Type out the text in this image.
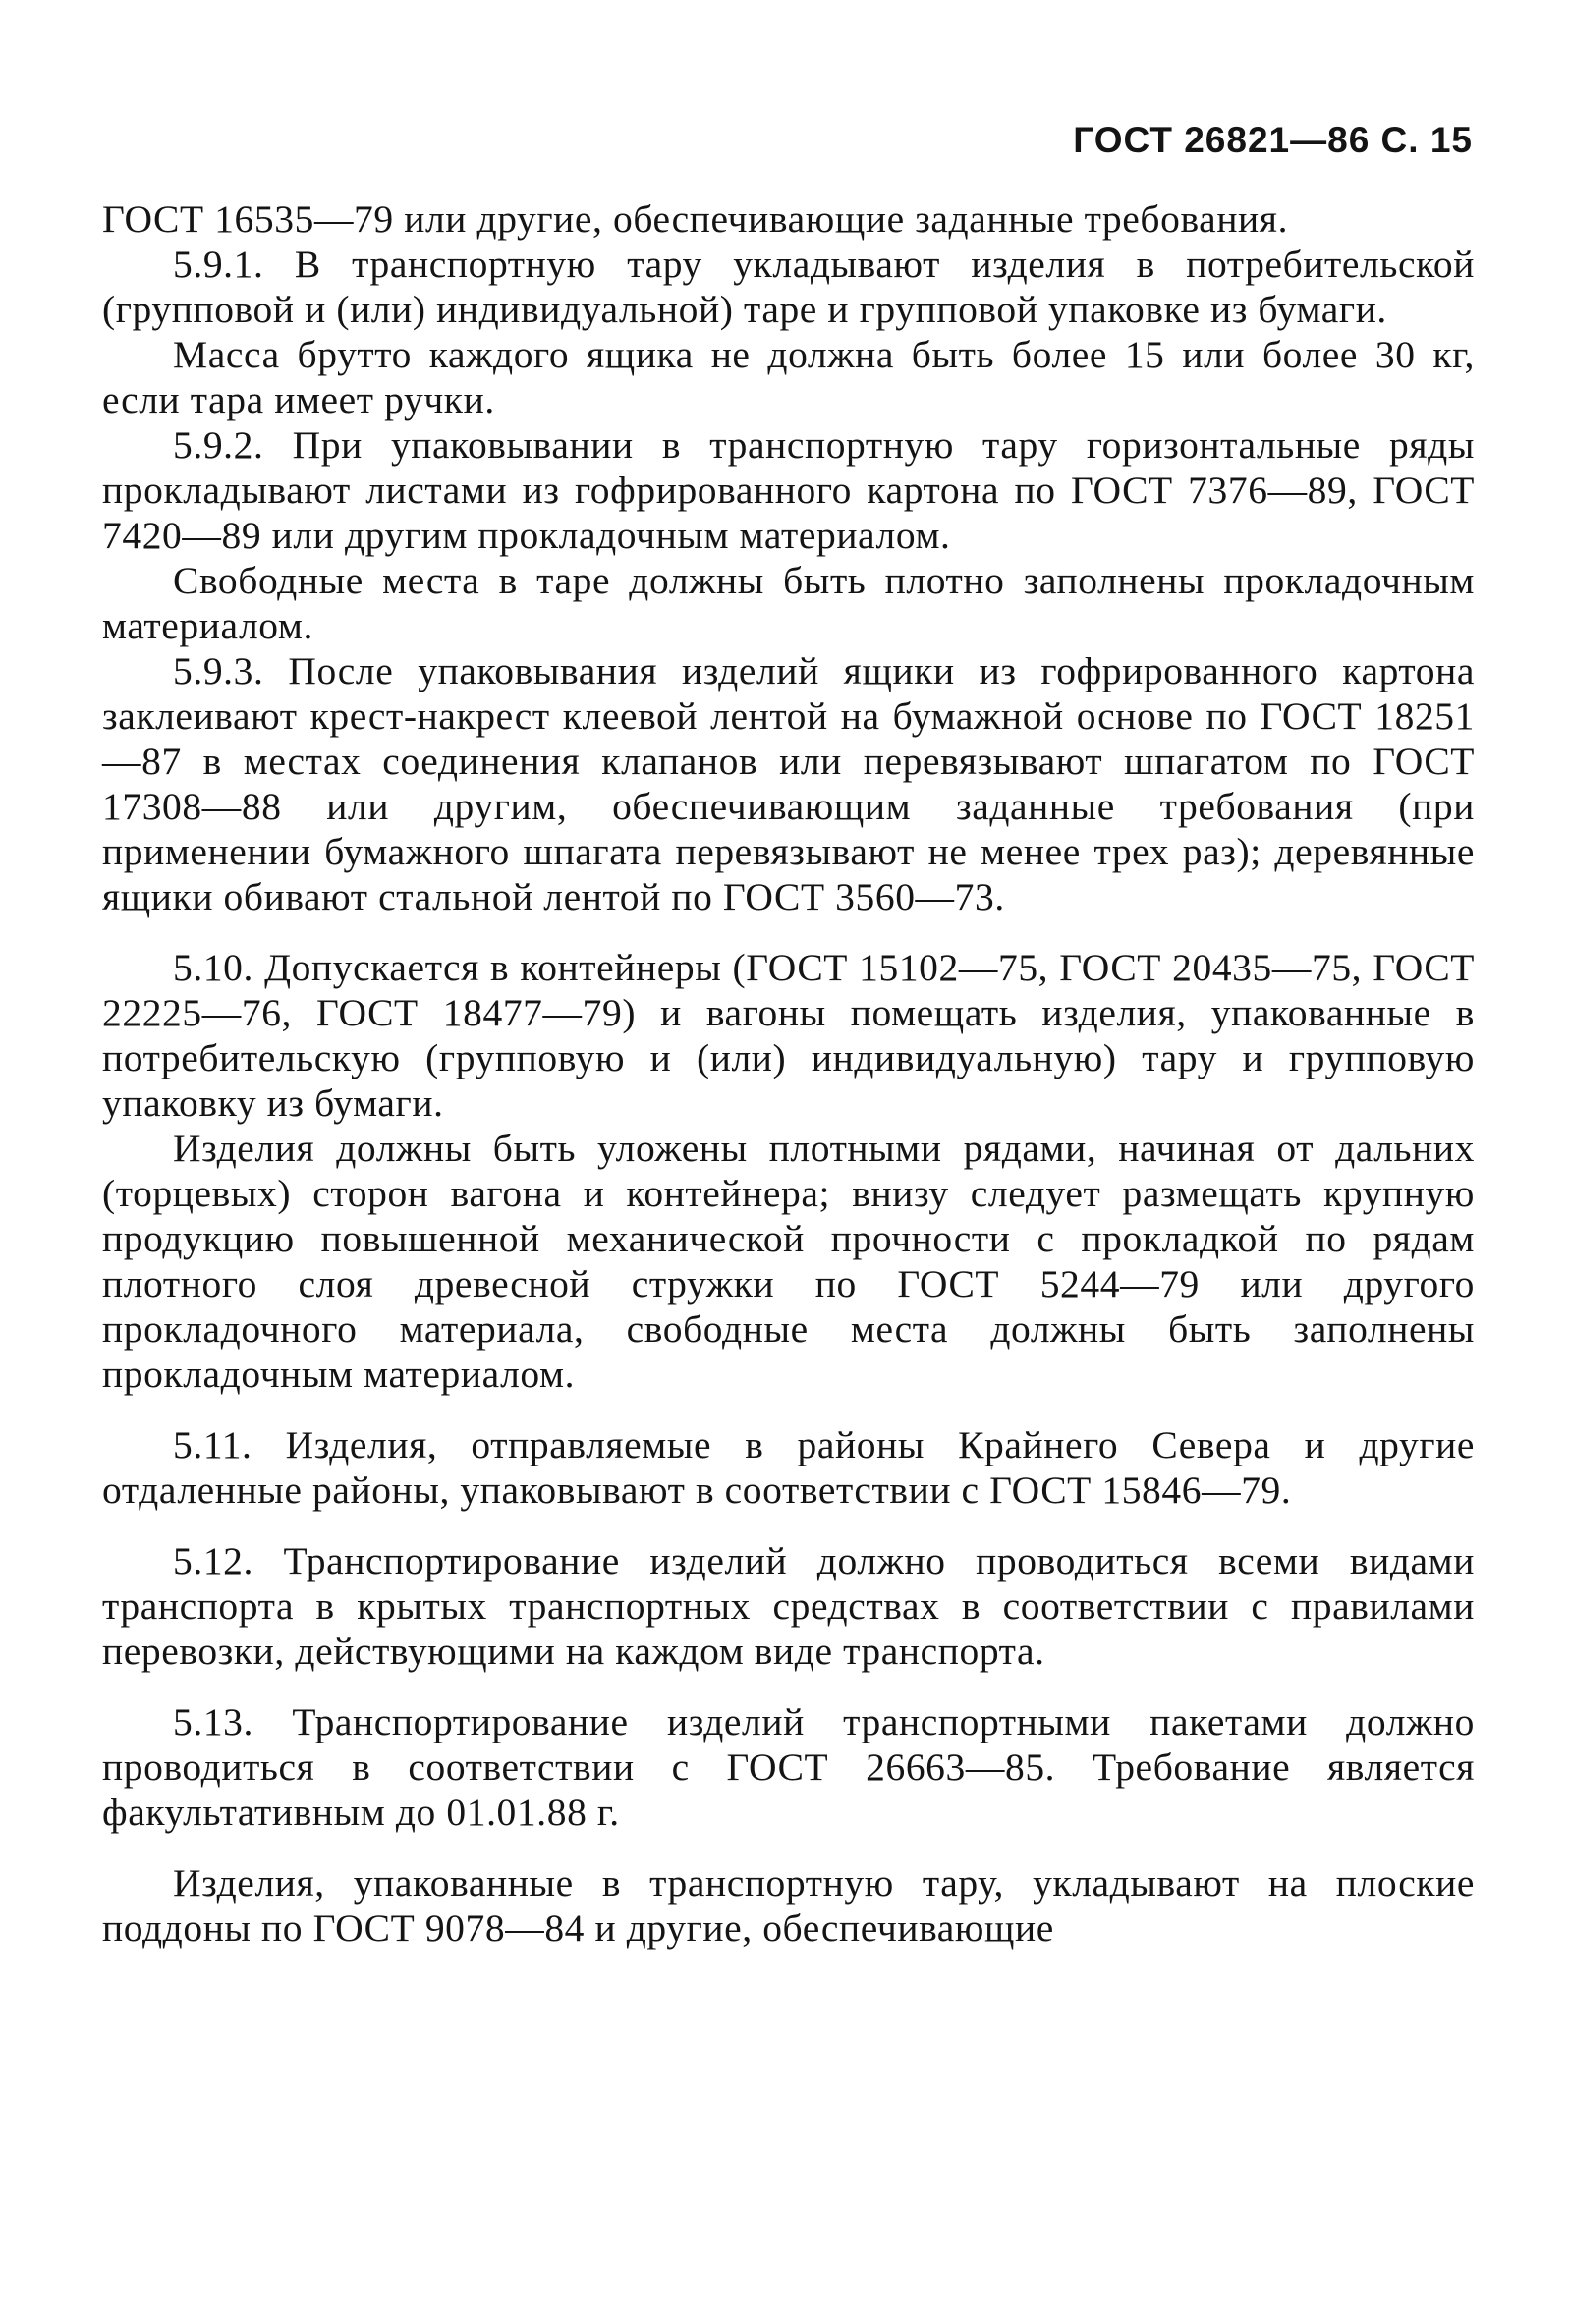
ГОСТ 26821—86 С. 15

ГОСТ 16535—79 или другие, обеспечивающие заданные требования.

5.9.1. В транспортную тару укладывают изделия в потребительской (групповой и (или) индивидуальной) таре и групповой упаковке из бумаги.

Масса брутто каждого ящика не должна быть более 15 или более 30 кг, если тара имеет ручки.

5.9.2. При упаковывании в транспортную тару горизонтальные ряды прокладывают листами из гофрированного картона по ГОСТ 7376—89, ГОСТ 7420—89 или другим прокладочным материалом.

Свободные места в таре должны быть плотно заполнены прокладочным материалом.

5.9.3. После упаковывания изделий ящики из гофрированного картона заклеивают крест-накрест клеевой лентой на бумажной основе по ГОСТ 18251—87 в местах соединения клапанов или перевязывают шпагатом по ГОСТ 17308—88 или другим, обеспечивающим заданные требования (при применении бумажного шпагата перевязывают не менее трех раз); деревянные ящики обивают стальной лентой по ГОСТ 3560—73.

5.10. Допускается в контейнеры (ГОСТ 15102—75, ГОСТ 20435—75, ГОСТ 22225—76, ГОСТ 18477—79) и вагоны помещать изделия, упакованные в потребительскую (групповую и (или) индивидуальную) тару и групповую упаковку из бумаги.

Изделия должны быть уложены плотными рядами, начиная от дальних (торцевых) сторон вагона и контейнера; внизу следует размещать крупную продукцию повышенной механической прочности с прокладкой по рядам плотного слоя древесной стружки по ГОСТ 5244—79 или другого прокладочного материала, свободные места должны быть заполнены прокладочным материалом.

5.11. Изделия, отправляемые в районы Крайнего Севера и другие отдаленные районы, упаковывают в соответствии с ГОСТ 15846—79.

5.12. Транспортирование изделий должно проводиться всеми видами транспорта в крытых транспортных средствах в соответствии с правилами перевозки, действующими на каждом виде транспорта.

5.13. Транспортирование изделий транспортными пакетами должно проводиться в соответствии с ГОСТ 26663—85. Требование является факультативным до 01.01.88 г.

Изделия, упакованные в транспортную тару, укладывают на плоские поддоны по ГОСТ 9078—84 и другие, обеспечивающие
